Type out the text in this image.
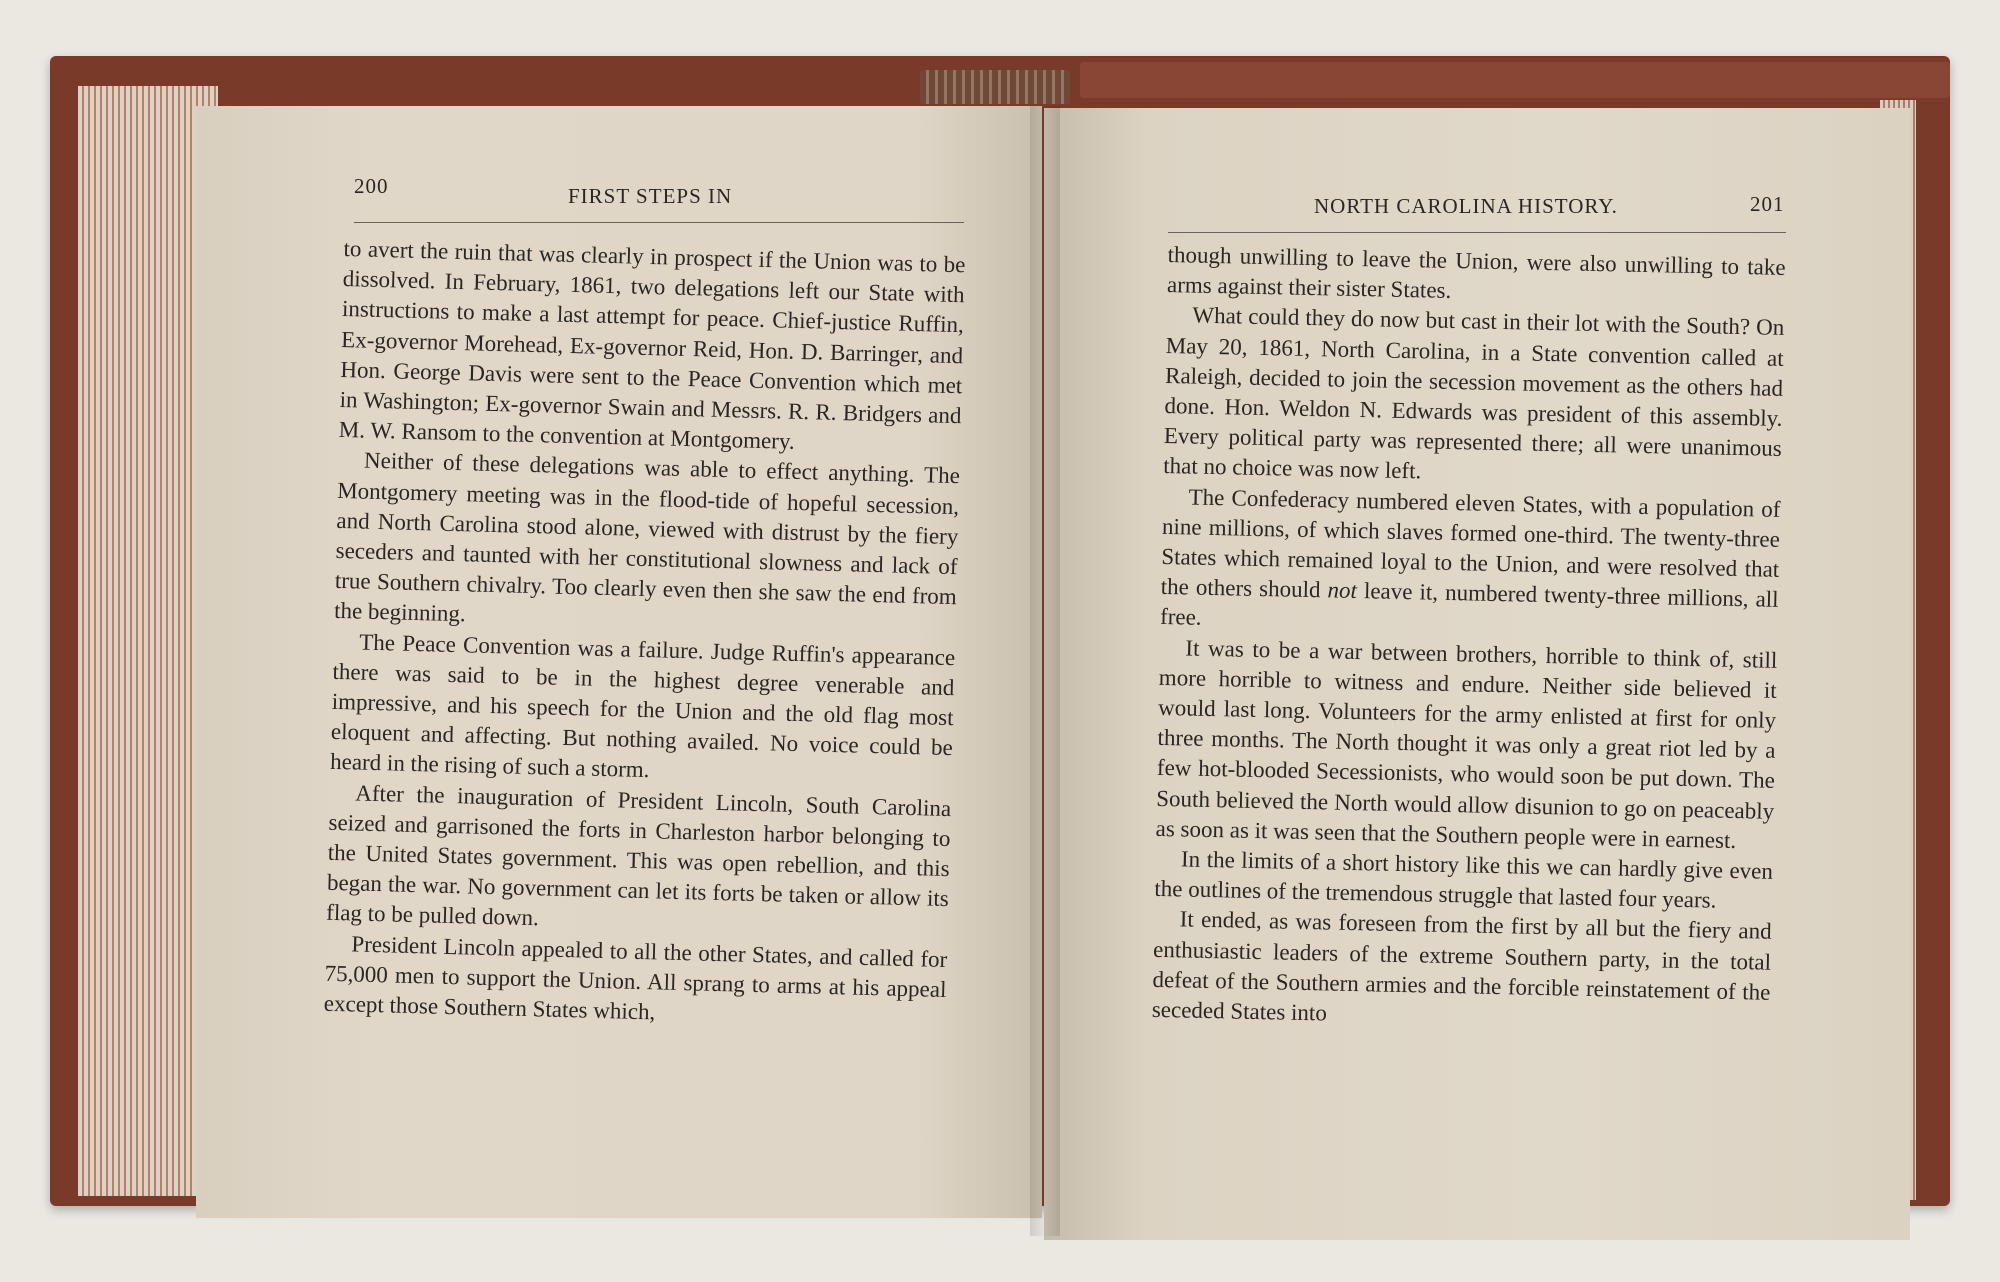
200	FIRST STEPS IN

to avert the ruin that was clearly in prospect if the Union was to be dissolved. In February, 1861, two delegations left our State with instructions to make a last attempt for peace. Chief-justice Ruffin, Ex-governor Morehead, Ex-governor Reid, Hon. D. Barringer, and Hon. George Davis were sent to the Peace Convention which met in Washington; Ex-governor Swain and Messrs. R. R. Bridgers and M. W. Ransom to the convention at Montgomery.

Neither of these delegations was able to effect anything. The Montgomery meeting was in the flood-tide of hopeful secession, and North Carolina stood alone, viewed with distrust by the fiery seceders and taunted with her constitutional slowness and lack of true Southern chivalry. Too clearly even then she saw the end from the beginning.

The Peace Convention was a failure. Judge Ruffin's appearance there was said to be in the highest degree venerable and impressive, and his speech for the Union and the old flag most eloquent and affecting. But nothing availed. No voice could be heard in the rising of such a storm.

After the inauguration of President Lincoln, South Carolina seized and garrisoned the forts in Charleston harbor belonging to the United States government. This was open rebellion, and this began the war. No government can let its forts be taken or allow its flag to be pulled down.

President Lincoln appealed to all the other States, and called for 75,000 men to support the Union. All sprang to arms at his appeal except those Southern States which,

NORTH CAROLINA HISTORY.	201

though unwilling to leave the Union, were also unwilling to take arms against their sister States.

What could they do now but cast in their lot with the South? On May 20, 1861, North Carolina, in a State convention called at Raleigh, decided to join the secession movement as the others had done. Hon. Weldon N. Edwards was president of this assembly. Every political party was represented there; all were unanimous that no choice was now left.

The Confederacy numbered eleven States, with a population of nine millions, of which slaves formed one-third. The twenty-three States which remained loyal to the Union, and were resolved that the others should not leave it, numbered twenty-three millions, all free.

It was to be a war between brothers, horrible to think of, still more horrible to witness and endure. Neither side believed it would last long. Volunteers for the army enlisted at first for only three months. The North thought it was only a great riot led by a few hot-blooded Secessionists, who would soon be put down. The South believed the North would allow disunion to go on peaceably as soon as it was seen that the Southern people were in earnest.

In the limits of a short history like this we can hardly give even the outlines of the tremendous struggle that lasted four years.

It ended, as was foreseen from the first by all but the fiery and enthusiastic leaders of the extreme Southern party, in the total defeat of the Southern armies and the forcible reinstatement of the seceded States into
